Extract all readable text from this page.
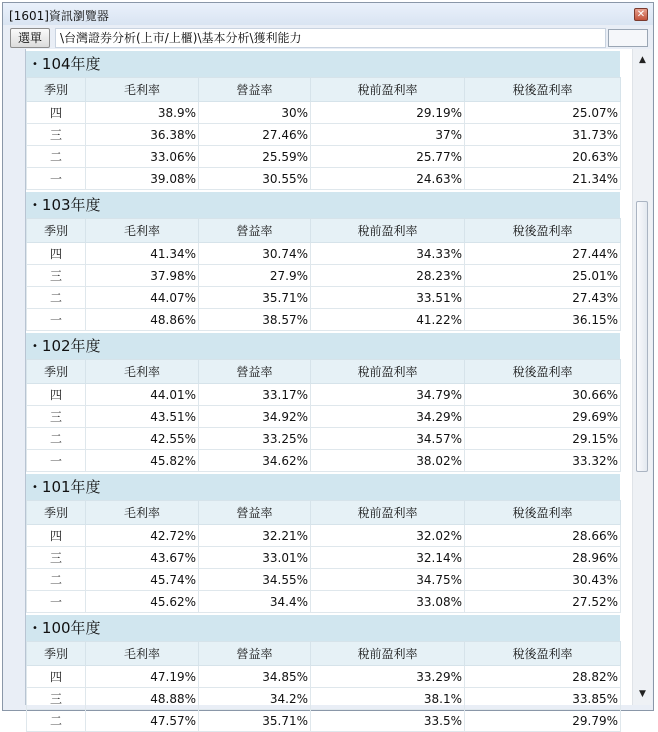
[1601]資訊瀏覽器	✕
選單	\台灣證券分析(上市/上櫃)\基本分析\獲利能力
• 104年度
季別	毛利率	營益率	稅前盈利率	稅後盈利率
四	38.9%	30%	29.19%	25.07%
三	36.38%	27.46%	37%	31.73%
二	33.06%	25.59%	25.77%	20.63%
一	39.08%	30.55%	24.63%	21.34%
• 103年度
季別	毛利率	營益率	稅前盈利率	稅後盈利率
四	41.34%	30.74%	34.33%	27.44%
三	37.98%	27.9%	28.23%	25.01%
二	44.07%	35.71%	33.51%	27.43%
一	48.86%	38.57%	41.22%	36.15%
• 102年度
季別	毛利率	營益率	稅前盈利率	稅後盈利率
四	44.01%	33.17%	34.79%	30.66%
三	43.51%	34.92%	34.29%	29.69%
二	42.55%	33.25%	34.57%	29.15%
一	45.82%	34.62%	38.02%	33.32%
• 101年度
季別	毛利率	營益率	稅前盈利率	稅後盈利率
四	42.72%	32.21%	32.02%	28.66%
三	43.67%	33.01%	32.14%	28.96%
二	45.74%	34.55%	34.75%	30.43%
一	45.62%	34.4%	33.08%	27.52%
• 100年度
季別	毛利率	營益率	稅前盈利率	稅後盈利率
四	47.19%	34.85%	33.29%	28.82%
三	48.88%	34.2%	38.1%	33.85%
二	47.57%	35.71%	33.5%	29.79%
▲
▼
